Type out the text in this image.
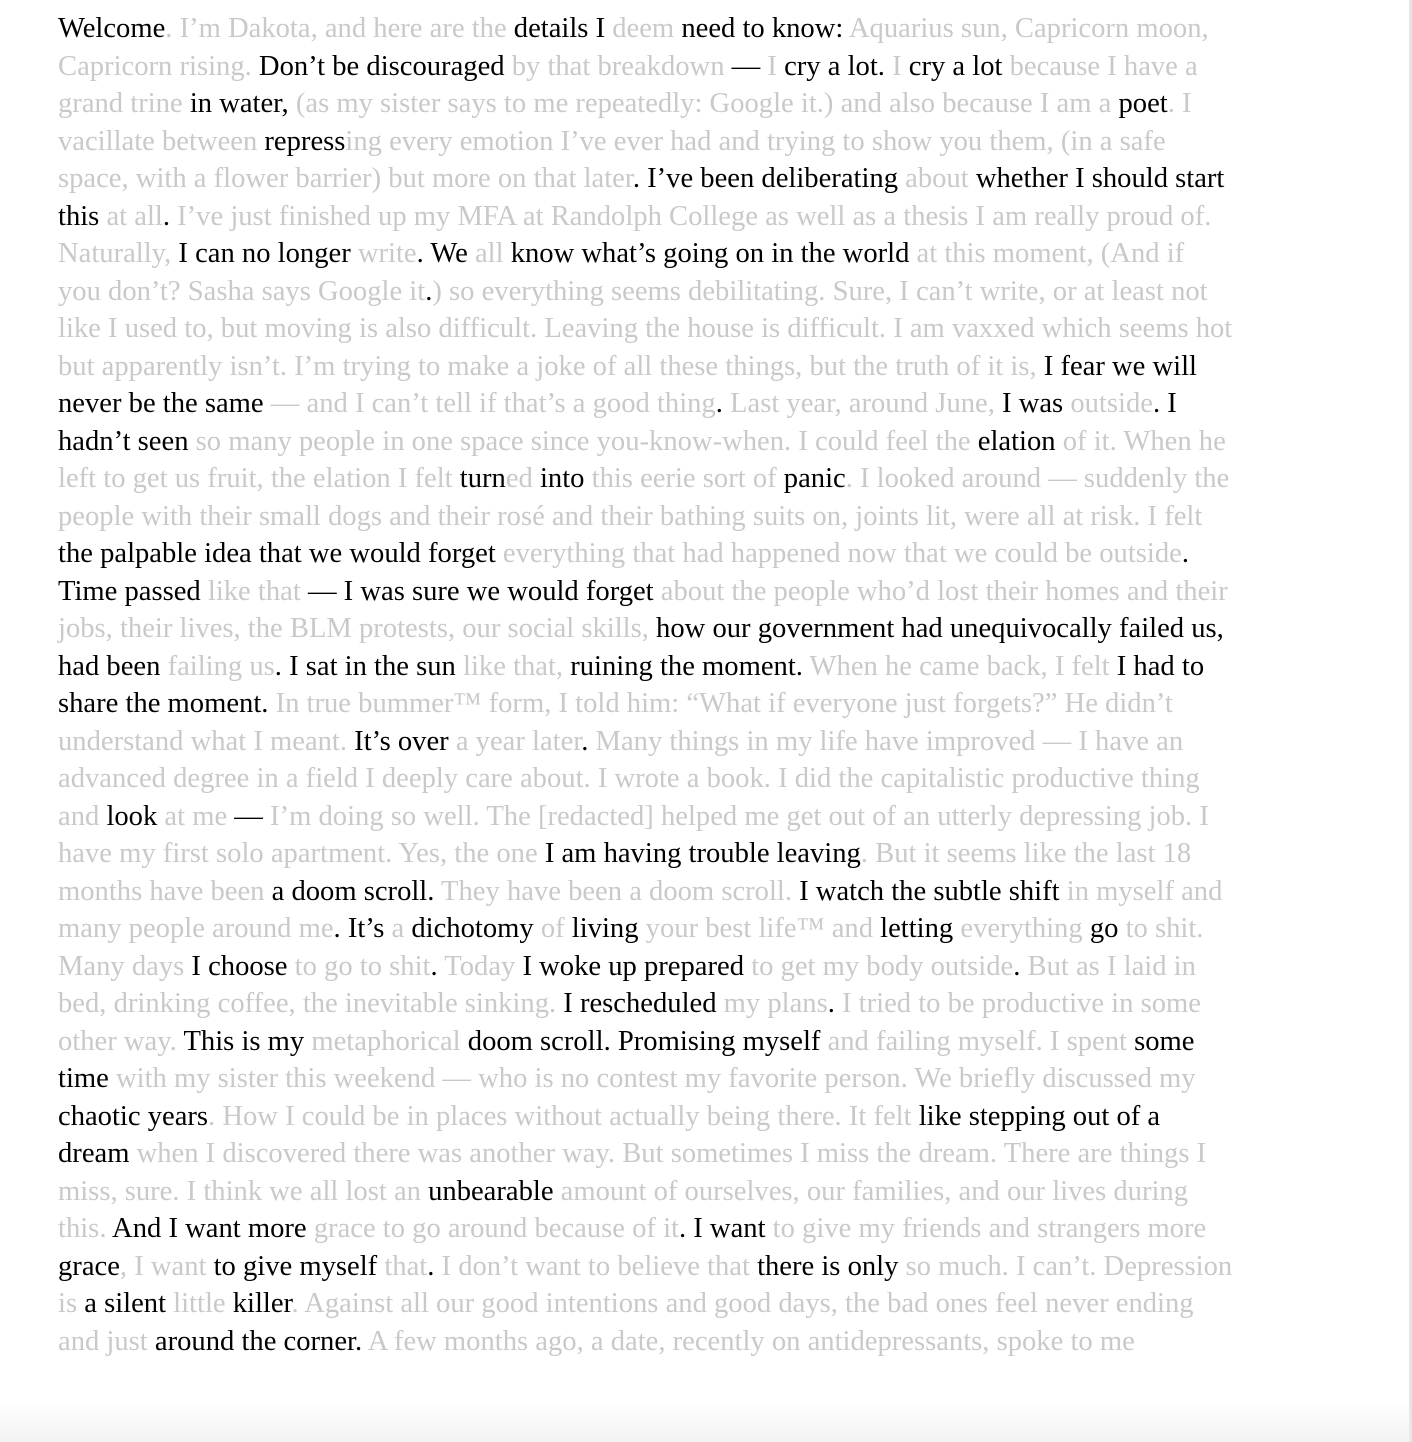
Welcome. I’m Dakota, and here are the details I deem need to know: Aquarius sun, Capricorn moon, Capricorn rising. Don’t be discouraged by that breakdown — I cry a lot. I cry a lot because I have a grand trine in water, (as my sister says to me repeatedly: Google it.) and also because I am a poet. I vacillate between repressing every emotion I’ve ever had and trying to show you them, (in a safe space, with a flower barrier) but more on that later. I’ve been deliberating about whether I should start this at all. I’ve just finished up my MFA at Randolph College as well as a thesis I am really proud of. Naturally, I can no longer write. We all know what’s going on in the world at this moment, (And if you don’t? Sasha says Google it.) so everything seems debilitating. Sure, I can’t write, or at least not like I used to, but moving is also difficult. Leaving the house is difficult. I am vaxxed which seems hot but apparently isn’t. I’m trying to make a joke of all these things, but the truth of it is, I fear we will never be the same — and I can’t tell if that’s a good thing. Last year, around June, I was outside. I hadn’t seen so many people in one space since you-know-when. I could feel the elation of it. When he left to get us fruit, the elation I felt turned into this eerie sort of panic. I looked around — suddenly the people with their small dogs and their rosé and their bathing suits on, joints lit, were all at risk. I felt the palpable idea that we would forget everything that had happened now that we could be outside. Time passed like that — I was sure we would forget about the people who’d lost their homes and their jobs, their lives, the BLM protests, our social skills, how our government had unequivocally failed us, had been failing us. I sat in the sun like that, ruining the moment. When he came back, I felt I had to share the moment. In true bummer™ form, I told him: “What if everyone just forgets?” He didn’t understand what I meant. It’s over a year later. Many things in my life have improved — I have an advanced degree in a field I deeply care about. I wrote a book. I did the capitalistic productive thing and look at me — I’m doing so well. The [redacted] helped me get out of an utterly depressing job. I have my first solo apartment. Yes, the one I am having trouble leaving. But it seems like the last 18 months have been a doom scroll. They have been a doom scroll. I watch the subtle shift in myself and many people around me. It’s a dichotomy of living your best life™ and letting everything go to shit. Many days I choose to go to shit. Today I woke up prepared to get my body outside. But as I laid in bed, drinking coffee, the inevitable sinking. I rescheduled my plans. I tried to be productive in some other way. This is my metaphorical doom scroll. Promising myself and failing myself. I spent some time with my sister this weekend — who is no contest my favorite person. We briefly discussed my chaotic years. How I could be in places without actually being there. It felt like stepping out of a dream when I discovered there was another way. But sometimes I miss the dream. There are things I miss, sure. I think we all lost an unbearable amount of ourselves, our families, and our lives during this. And I want more grace to go around because of it. I want to give my friends and strangers more grace, I want to give myself that. I don’t want to believe that there is only so much. I can’t. Depression is a silent little killer. Against all our good intentions and good days, the bad ones feel never ending and just around the corner. A few months ago, a date, recently on antidepressants, spoke to me
